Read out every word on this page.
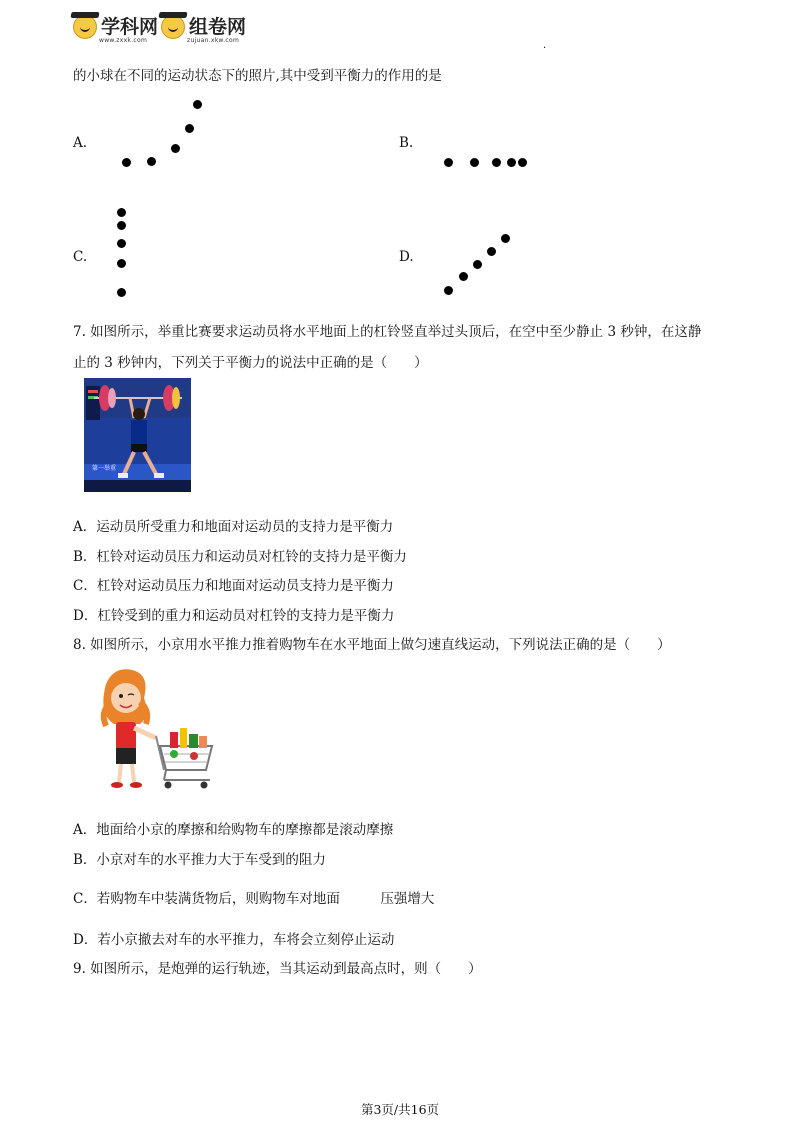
学科网
www.zxxk.com
组卷网
zujuan.xkw.com
·
的小球在不同的运动状态下的照片,其中受到平衡力的作用的是
A.	B.
C.	D.
7. 如图所示，举重比赛要求运动员将水平地面上的杠铃竖直举过头顶后，在空中至少静止 3 秒钟，在这静
止的 3 秒钟内，下列关于平衡力的说法中正确的是（　　）
第一举重
A．运动员所受重力和地面对运动员的支持力是平衡力
B．杠铃对运动员压力和运动员对杠铃的支持力是平衡力
C．杠铃对运动员压力和地面对运动员支持力是平衡力
D．杠铃受到的重力和运动员对杠铃的支持力是平衡力
8. 如图所示，小京用水平推力推着购物车在水平地面上做匀速直线运动，下列说法正确的是（　　）
A．地面给小京的摩擦和给购物车的摩擦都是滚动摩擦
B．小京对车的水平推力大于车受到的阻力
C．若购物车中装满货物后，则购物车对地面　　　压强增大
D．若小京撤去对车的水平推力，车将会立刻停止运动
9. 如图所示，是炮弹的运行轨迹，当其运动到最高点时，则（　　）
第3页/共16页
